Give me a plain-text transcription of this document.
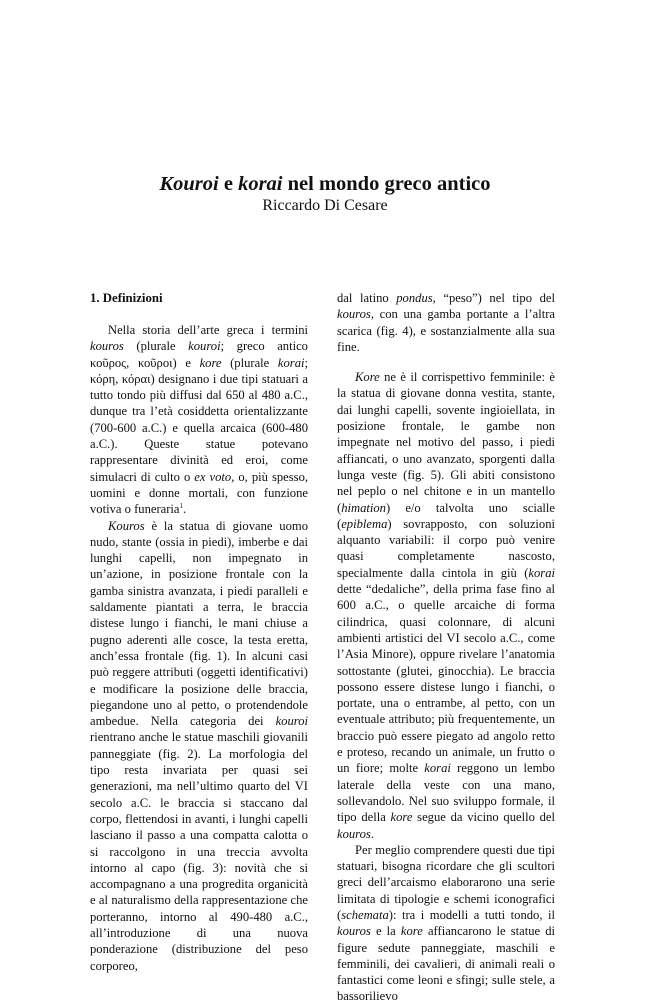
Kouroi e korai nel mondo greco antico
Riccardo Di Cesare
1. Definizioni

Nella storia dell’arte greca i termini kouros (plurale kouroi; greco antico κοῦρος, κοῦροι) e kore (plurale korai; κόρη, κόραι) designano i due tipi statuari a tutto tondo più diffusi dal 650 al 480 a.C., dunque tra l’età cosiddetta orientalizzante (700-600 a.C.) e quella arcaica (600-480 a.C.). Queste statue potevano rappresentare divinità ed eroi, come simulacri di culto o ex voto, o, più spesso, uomini e donne mortali, con funzione votiva o funeraria$^1$.

Kouros è la statua di giovane uomo nudo, stante (ossia in piedi), imberbe e dai lunghi capelli, non impegnato in un’azione, in posizione frontale con la gamba sinistra avanzata, i piedi paralleli e saldamente piantati a terra, le braccia distese lungo i fianchi, le mani chiuse a pugno aderenti alle cosce, la testa eretta, anch’essa frontale (fig. 1). In alcuni casi può reggere attributi (oggetti identificativi) e modificare la posizione delle braccia, piegandone uno al petto, o protendendole ambedue. Nella categoria dei kouroi rientrano anche le statue maschili giovanili panneggiate (fig. 2). La morfologia del tipo resta invariata per quasi sei generazioni, ma nell’ultimo quarto del VI secolo a.C. le braccia si staccano dal corpo, flettendosi in avanti, i lunghi capelli lasciano il passo a una compatta calotta o si raccolgono in una treccia avvolta intorno al capo (fig. 3): novità che si accompagnano a una progredita organicità e al naturalismo della rappresentazione che porteranno, intorno al 490-480 a.C., all’introduzione di una nuova ponderazione (distribuzione del peso corporeo,

dal latino pondus, “peso”) nel tipo del kouros, con una gamba portante a l’altra scarica (fig. 4), e sostanzialmente alla sua fine.

Kore ne è il corrispettivo femminile: è la statua di giovane donna vestita, stante, dai lunghi capelli, sovente ingioiellata, in posizione frontale, le gambe non impegnate nel motivo del passo, i piedi affiancati, o uno avanzato, sporgenti dalla lunga veste (fig. 5). Gli abiti consistono nel peplo o nel chitone e in un mantello (himation) e/o talvolta uno scialle (epiblema) sovrapposto, con soluzioni alquanto variabili: il corpo può venire quasi completamente nascosto, specialmente dalla cintola in giù (korai dette “dedaliche”, della prima fase fino al 600 a.C., o quelle arcaiche di forma cilindrica, quasi colonnare, di alcuni ambienti artistici del VI secolo a.C., come l’Asia Minore), oppure rivelare l’anatomia sottostante (glutei, ginocchia). Le braccia possono essere distese lungo i fianchi, o portate, una o entrambe, al petto, con un eventuale attributo; più frequentemente, un braccio può essere piegato ad angolo retto e proteso, recando un animale, un frutto o un fiore; molte korai reggono un lembo laterale della veste con una mano, sollevandolo. Nel suo sviluppo formale, il tipo della kore segue da vicino quello del kouros.

Per meglio comprendere questi due tipi statuari, bisogna ricordare che gli scultori greci dell’arcaismo elaborarono una serie limitata di tipologie e schemi iconografici (schemata): tra i modelli a tutti tondo, il kouros e la kore affiancarono le statue di figure sedute panneggiate, maschili e femminili, dei cavalieri, di animali reali o fantastici come leoni e sfingi; sulle stele, a bassorilievo
